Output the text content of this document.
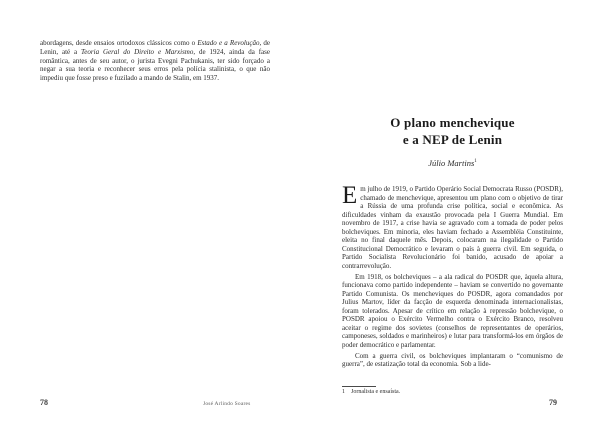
abordagens, desde ensaios ortodoxos clássicos como o Estado e a Revolução, de Lenin, até a Teoria Geral do Direito e Marxismo, de 1924, ainda da fase romântica, antes de seu autor, o jurista Evegni Pachukanis, ter sido forçado a negar a sua teoria e reconhecer seus erros pela polícia stalinista, o que não impediu que fosse preso e fuzilado a mando de Stalin, em 1937.
78	José Arlindo Soares
O plano menchevique
e a NEP de Lenin
Júlio Martins$^1$

Em julho de 1919, o Partido Operário Social Democrata Russo (POSDR), chamado de menchevique, apresentou um plano com o objetivo de tirar a Rússia de uma profunda crise política, social e econômica. As dificuldades vinham da exaustão provocada pela I Guerra Mundial. Em novembro de 1917, a crise havia se agravado com a tomada de poder pelos bolcheviques. Em minoria, eles haviam fechado a Assembléia Constituinte, eleita no final daquele mês. Depois, colocaram na ilegalidade o Partido Constitucional Democrático e levaram o país à guerra civil. Em seguida, o Partido Socialista Revolucionário foi banido, acusado de apoiar a contrarrevolução.

Em 1918, os bolcheviques – a ala radical do POSDR que, àquela altura, funcionava como partido independente – haviam se convertido no governante Partido Comunista. Os mencheviques do POSDR, agora comandados por Julius Martov, líder da facção de esquerda denominada internacionalistas, foram tolerados. Apesar de crítico em relação à repressão bolchevique, o POSDR apoiou o Exército Vermelho contra o Exército Branco, resolveu aceitar o regime dos sovietes (conselhos de representantes de operários, camponeses, soldados e marinheiros) e lutar para transformá-los em órgãos de poder democrático e parlamentar.

Com a guerra civil, os bolcheviques implantaram o “comunismo de guerra”, de estatização total da economia. Sob a lide-

1 Jornalista e ensaísta.
79
